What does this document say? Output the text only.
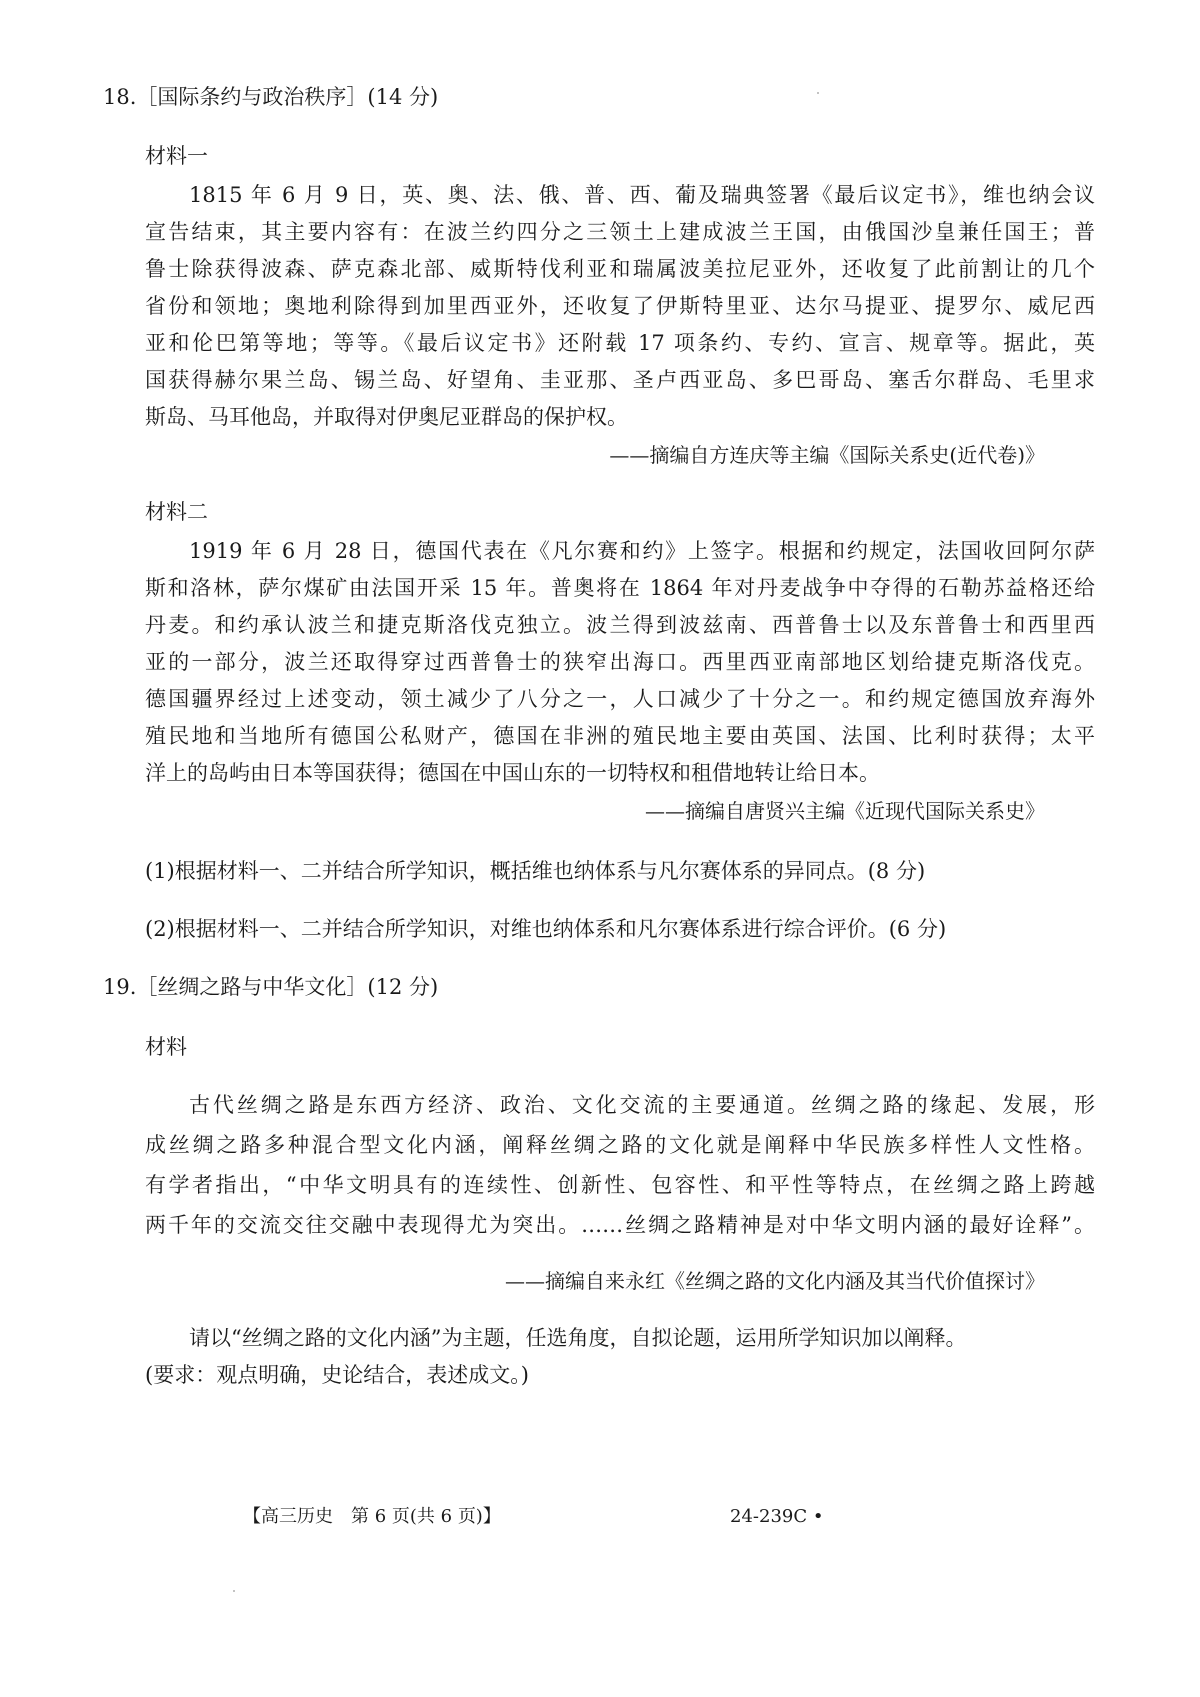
18.［国际条约与政治秩序］(14 分)
材料一
1815 年 6 月 9 日，英、奥、法、俄、普、西、葡及瑞典签署《最后议定书》，维也纳会议
宣告结束，其主要内容有：在波兰约四分之三领土上建成波兰王国，由俄国沙皇兼任国王；普
鲁士除获得波森、萨克森北部、威斯特伐利亚和瑞属波美拉尼亚外，还收复了此前割让的几个
省份和领地；奥地利除得到加里西亚外，还收复了伊斯特里亚、达尔马提亚、提罗尔、威尼西
亚和伦巴第等地；等等。《最后议定书》还附载 17 项条约、专约、宣言、规章等。据此，英
国获得赫尔果兰岛、锡兰岛、好望角、圭亚那、圣卢西亚岛、多巴哥岛、塞舌尔群岛、毛里求
斯岛、马耳他岛，并取得对伊奥尼亚群岛的保护权。
——摘编自方连庆等主编《国际关系史(近代卷)》
材料二
1919 年 6 月 28 日，德国代表在《凡尔赛和约》上签字。根据和约规定，法国收回阿尔萨
斯和洛林，萨尔煤矿由法国开采 15 年。普奥将在 1864 年对丹麦战争中夺得的石勒苏益格还给
丹麦。和约承认波兰和捷克斯洛伐克独立。波兰得到波兹南、西普鲁士以及东普鲁士和西里西
亚的一部分，波兰还取得穿过西普鲁士的狭窄出海口。西里西亚南部地区划给捷克斯洛伐克。
德国疆界经过上述变动，领土减少了八分之一，人口减少了十分之一。和约规定德国放弃海外
殖民地和当地所有德国公私财产，德国在非洲的殖民地主要由英国、法国、比利时获得；太平
洋上的岛屿由日本等国获得；德国在中国山东的一切特权和租借地转让给日本。
——摘编自唐贤兴主编《近现代国际关系史》
(1)根据材料一、二并结合所学知识，概括维也纳体系与凡尔赛体系的异同点。(8 分)
(2)根据材料一、二并结合所学知识，对维也纳体系和凡尔赛体系进行综合评价。(6 分)
19.［丝绸之路与中华文化］(12 分)
材料
古代丝绸之路是东西方经济、政治、文化交流的主要通道。丝绸之路的缘起、发展，形
成丝绸之路多种混合型文化内涵，阐释丝绸之路的文化就是阐释中华民族多样性人文性格。
有学者指出，“中华文明具有的连续性、创新性、包容性、和平性等特点，在丝绸之路上跨越
两千年的交流交往交融中表现得尤为突出。……丝绸之路精神是对中华文明内涵的最好诠释”。
——摘编自来永红《丝绸之路的文化内涵及其当代价值探讨》
请以“丝绸之路的文化内涵”为主题，任选角度，自拟论题，运用所学知识加以阐释。
(要求：观点明确，史论结合，表述成文。)
【高三历史　第 6 页(共 6 页)】	24-239C •
